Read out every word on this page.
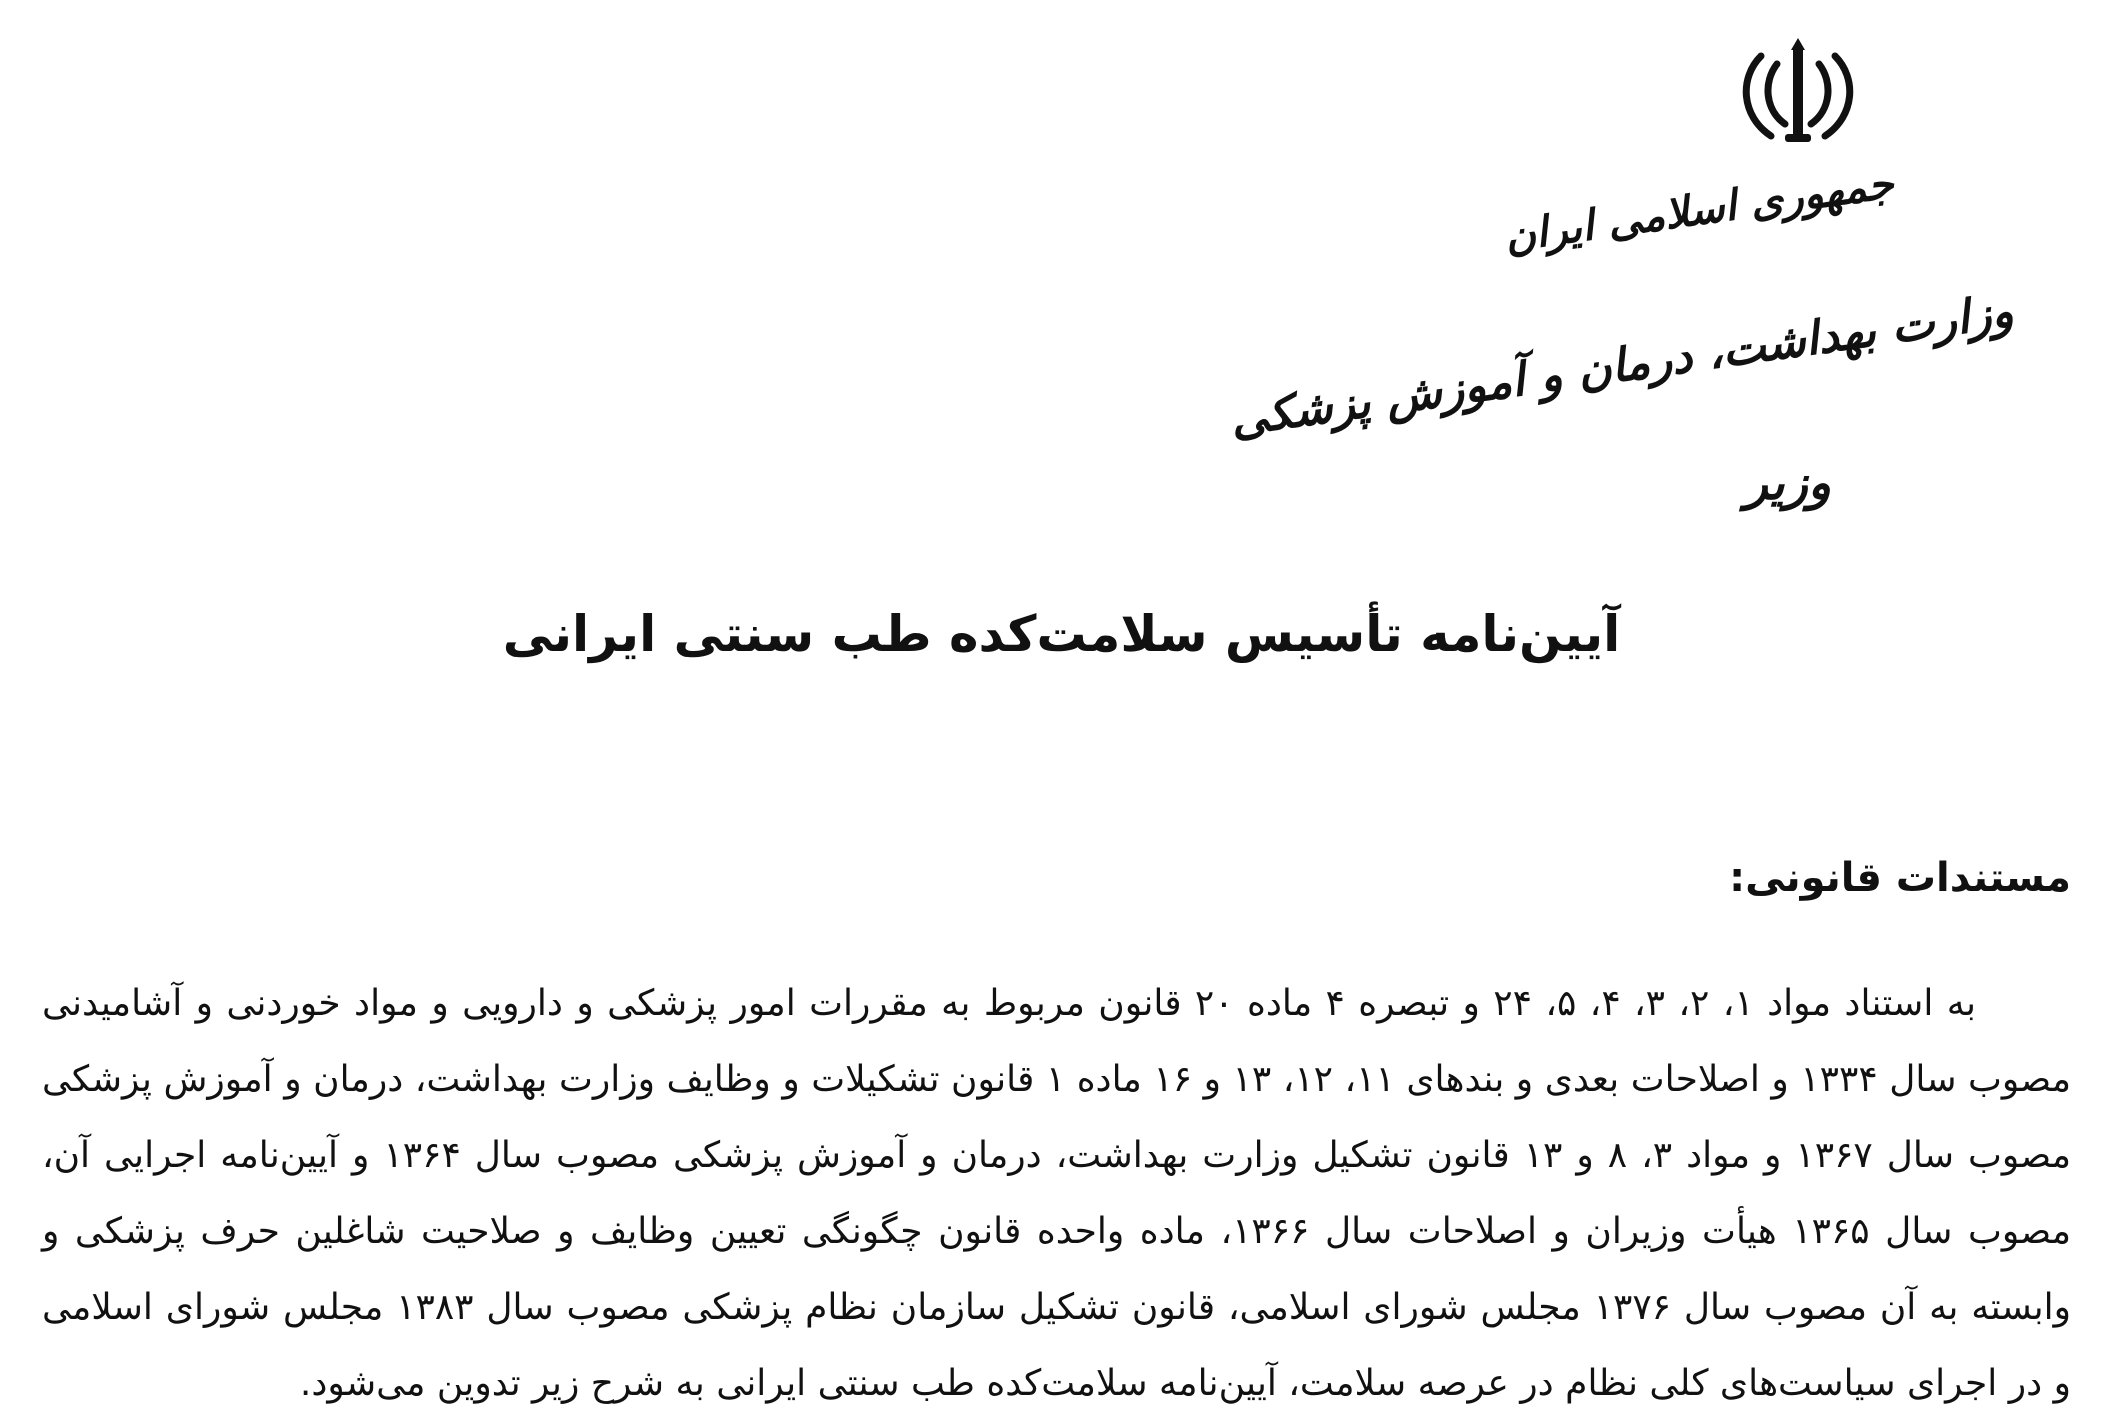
جمهوری اسلامی ایران
وزارت بهداشت، درمان و آموزش پزشکی
وزیر
آیین‌نامه تأسیس سلامت‌کده طب سنتی ایرانی
مستندات قانونی:

به استناد مواد ۱، ۲، ۳، ۴، ۵، ۲۴ و تبصره ۴ ماده ۲۰ قانون مربوط به مقررات امور پزشکی و دارویی و مواد خوردنی و آشامیدنی مصوب سال ۱۳۳۴ و اصلاحات بعدی و بندهای ۱۱، ۱۲، ۱۳ و ۱۶ ماده ۱ قانون تشکیلات و وظایف وزارت بهداشت، درمان و آموزش پزشکی مصوب سال ۱۳۶۷ و مواد ۳، ۸ و ۱۳ قانون تشکیل وزارت بهداشت، درمان و آموزش پزشکی مصوب سال ۱۳۶۴ و آیین‌نامه اجرایی آن، مصوب سال ۱۳۶۵ هیأت وزیران و اصلاحات سال ۱۳۶۶، ماده واحده قانون چگونگی تعیین وظایف و صلاحیت شاغلین حرف پزشکی و وابسته به آن مصوب سال ۱۳۷۶ مجلس شورای اسلامی، قانون تشکیل سازمان نظام پزشکی مصوب سال ۱۳۸۳ مجلس شورای اسلامی و در اجرای سیاست‌های کلی نظام در عرصه سلامت، آیین‌نامه سلامت‌کده طب سنتی ایرانی به شرح زیر تدوین می‌شود.
